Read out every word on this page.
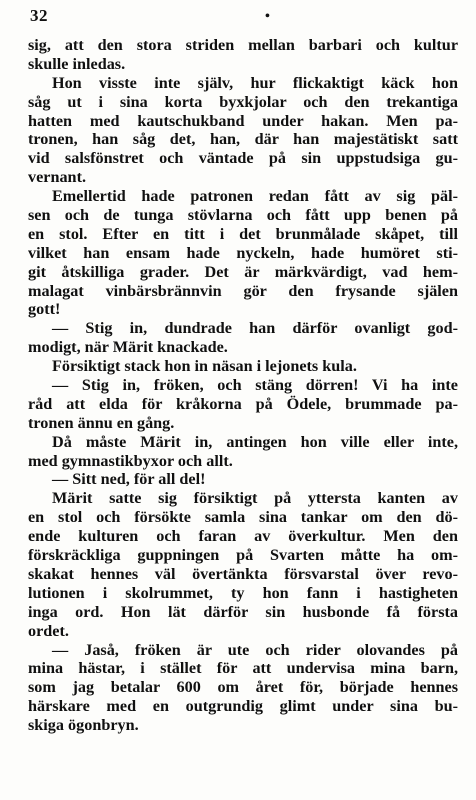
32	•
sig, att den stora striden mellan barbari och kultur
skulle inledas.
Hon visste inte själv, hur flickaktigt käck hon
såg ut i sina korta byxkjolar och den trekantiga
hatten med kautschukband under hakan. Men pa-
tronen, han såg det, han, där han majestätiskt satt
vid salsfönstret och väntade på sin uppstudsiga gu-
vernant.
Emellertid hade patronen redan fått av sig päl-
sen och de tunga stövlarna och fått upp benen på
en stol. Efter en titt i det brunmålade skåpet, till
vilket han ensam hade nyckeln, hade humöret sti-
git åtskilliga grader. Det är märkvärdigt, vad hem-
malagat vinbärsbrännvin gör den frysande själen
gott!
— Stig in, dundrade han därför ovanligt god-
modigt, när Märit knackade.
Försiktigt stack hon in näsan i lejonets kula.
— Stig in, fröken, och stäng dörren! Vi ha inte
råd att elda för kråkorna på Ödele, brummade pa-
tronen ännu en gång.
Då måste Märit in, antingen hon ville eller inte,
med gymnastikbyxor och allt.
— Sitt ned, för all del!
Märit satte sig försiktigt på yttersta kanten av
en stol och försökte samla sina tankar om den dö-
ende kulturen och faran av överkultur. Men den
förskräckliga guppningen på Svarten måtte ha om-
skakat hennes väl övertänkta försvarstal över revo-
lutionen i skolrummet, ty hon fann i hastigheten
inga ord. Hon lät därför sin husbonde få första
ordet.
— Jaså, fröken är ute och rider olovandes på
mina hästar, i stället för att undervisa mina barn,
som jag betalar 600 om året för, började hennes
härskare med en outgrundig glimt under sina bu-
skiga ögonbryn.
